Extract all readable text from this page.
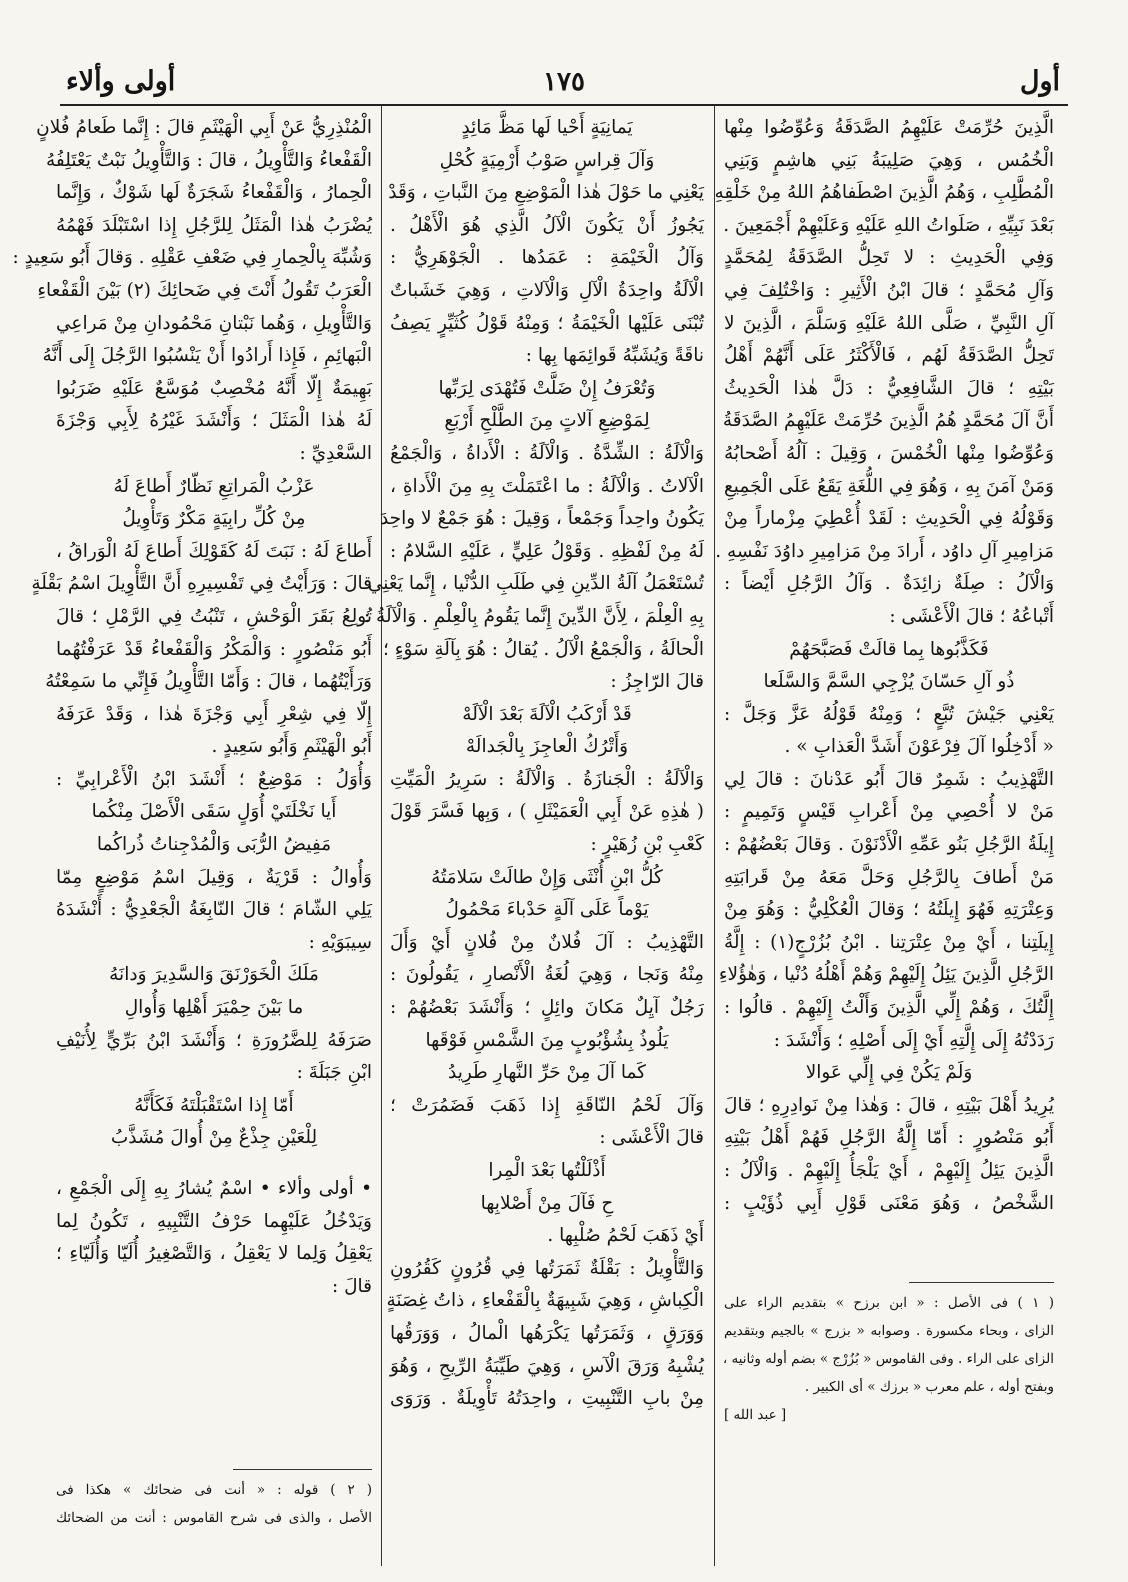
أول
١٧٥
أولى وألاء
الَّذِينَ حُرِّمَتْ عَلَيْهِمُ الصَّدَقَةُ وَعُوِّضُوا مِنْها
الْخُمُس ، وَهِيَ صَلِيبَةُ بَنِي هاشِمٍ وَبَنِي
الْمُطَّلِبِ ، وَهُمُ الَّذِينَ اصْطَفاهُمُ اللهُ مِنْ خَلْقِهِ
بَعْدَ نَبِيِّهِ ، صَلَواتُ اللهِ عَلَيْهِ وَعَلَيْهِمْ أَجْمَعِينَ .
وَفِي الْحَدِيثِ : لا تَحِلُّ الصَّدَقَةُ لِمُحَمَّدٍ
وَآلِ مُحَمَّدٍ ؛ قالَ ابْنُ الْأَثِيرِ : وَاخْتُلِفَ فِي
آلِ النَّبِيِّ ، صَلَّى اللهُ عَلَيْهِ وَسَلَّمَ ، الَّذِينَ لا
تَحِلُّ الصَّدَقَةُ لَهُم ، فَالْأَكْثَرُ عَلَى أَنَّهُمْ أَهْلُ
بَيْتِهِ ؛ قالَ الشَّافِعِيُّ : دَلَّ هٰذا الْحَدِيثُ
أَنَّ آلَ مُحَمَّدٍ هُمُ الَّذِينَ حُرِّمَتْ عَلَيْهِمُ الصَّدَقَةُ
وَعُوِّضُوا مِنْها الْخُمْسَ ، وَقِيلَ : آلُهُ أَصْحابُهُ
وَمَنْ آمَنَ بِهِ ، وَهُوَ فِي اللُّغَةِ يَقَعُ عَلَى الْجَمِيعِ
وَقَوْلُهُ فِي الْحَدِيثِ : لَقَدْ أُعْطِيَ مِزْماراً مِنْ
مَزامِيرِ آلِ داوُد ، أَرادَ مِنْ مَزامِيرِ داوُدَ نَفْسِهِ .
وَالْآلُ : صِلَةٌ زائِدَةٌ . وَآلُ الرَّجُلِ أَيْضاً :
أَتْباعُهُ ؛ قالَ الْأَعْشَى :
فَكَذَّبُوها بِما قالَتْ فَصَبَّحَهُمْ
ذُو آلِ حَسّانَ يُزْجِي السَّمَّ وَالسَّلَعا
يَعْنِي جَيْشَ تُبَّعٍ ؛ وَمِنْهُ قَوْلُهُ عَزَّ وَجَلَّ :
« أَدْخِلُوا آلَ فِرْعَوْنَ أَشَدَّ الْعَذابِ » .
التَّهْذِيبُ : شَمِرٌ قالَ أَبُو عَدْنانَ : قالَ لِي
مَنْ لا أُحْصِي مِنْ أَعْرابِ قَيْسٍ وَتَمِيمٍ :
إِيلَةُ الرَّجُلِ بَنُو عَمِّهِ الْأَدْنَوْنَ . وَقالَ بَعْضُهُمْ :
مَنْ أَطافَ بِالرَّجُلِ وَحَلَّ مَعَهُ مِنْ قَرابَتِهِ
وَعِتْرَتِهِ فَهُوَ إِيلَتُهُ ؛ وَقالَ الْعُكْلِيُّ : وَهُوَ مِنْ
إِيلَتِنا ، أَيْ مِنْ عِتْرَتِنا . ابْنُ بُزُرْجٍ(١) : إِلَّةُ
الرَّجُلِ الَّذِينَ يَئِلُ إِلَيْهِمْ وَهُمْ أَهْلُهُ دُنْيا ، وَهٰؤُلاءِ
إِلَّتُكَ ، وَهُمْ إِلِّي الَّذِينَ وَأَلْتُ إِلَيْهِمْ . قالُوا :
رَدَدْتُهُ إِلَى إِلَّتِهِ أَيْ إِلَى أَصْلِهِ ؛ وَأَنْشَدَ :
وَلَمْ يَكُنْ فِي إِلِّي عَوالا
يُرِيدُ أَهْلَ بَيْتِهِ ، قالَ : وَهٰذا مِنْ نَوادِرِهِ ؛ قالَ
أَبُو مَنْصُورٍ : أَمّا إِلَّةُ الرَّجُلِ فَهُمْ أَهْلُ بَيْتِهِ
الَّذِينَ يَئِلُ إِلَيْهِمْ ، أَيْ يَلْجَأُ إِلَيْهِمْ . وَالْآلُ :
الشَّخْصُ ، وَهُوَ مَعْنَى قَوْلِ أَبِي ذُؤَيْبٍ :
( ١ ) فى الأصل : « ابن برزح » بتقديم الراء على
الزاى ، وبحاء مكسورة . وصوابه « بزرج » بالجيم وبتقديم
الزاى على الراء . وفى القاموس « بُزُرْج » بضم أوله وثانيه ،
وبفتح أوله ، علم معرب « برزك » أى الكبير .
[ عبد الله ]
يَمانِيَةٍ أَحْيا لَها مَظَّ مَائِدٍ
وَآلَ قِراسٍ صَوْبُ أَرْمِيَةٍ كُحْلِ
يَعْنِي ما حَوْلَ هٰذا الْمَوْضِعِ مِنَ النَّباتِ ، وَقَدْ
يَجُوزُ أَنْ يَكُونَ الْآلُ الَّذِي هُوَ الْأَهْلُ .
وَآلُ الْخَيْمَةِ : عَمَدُها . الْجَوْهَرِيُّ :
الْآلَةُ واحِدَةُ الْآلِ وَالْآلاتِ ، وَهِيَ خَشَباتٌ
تُبْنَى عَلَيْها الْخَيْمَةُ ؛ وَمِنْهُ قَوْلُ كُثَيِّرٍ يَصِفُ
ناقَةً وَيُشَبِّهُ قَوائِمَها بِها :
وَتُعْرَفُ إِنْ ضَلَّتْ فَتُهْدَى لِرَبِّها
لِمَوْضِعِ آلاتٍ مِنَ الطَّلْحِ أَرْبَعِ
وَالْآلَةُ : الشِّدَّةُ . وَالْآلَةُ : الْأَداةُ ، وَالْجَمْعُ
الْآلاتُ . وَالْآلَةُ : ما اعْتَمَلْتَ بِهِ مِنَ الْأَداةِ ،
يَكُونُ واحِداً وَجَمْعاً ، وَقِيلَ : هُوَ جَمْعٌ لا واحِدَ
لَهُ مِنْ لَفْظِهِ . وَقَوْلُ عَلِيٍّ ، عَلَيْهِ السَّلامُ :
تُسْتَعْمَلُ آلَةُ الدِّينِ فِي طَلَبِ الدُّنْيا ، إِنَّما يَعْنِي
بِهِ الْعِلْمَ ، لِأَنَّ الدِّينَ إِنَّما يَقُومُ بِالْعِلْمِ . وَالْآلَةُ :
الْحالَةُ ، وَالْجَمْعُ الْآلُ . يُقالُ : هُوَ بِآلَةِ سَوْءٍ ؛
قالَ الرّاجِزُ :
قَدْ أَرْكَبُ الْآلَةَ بَعْدَ الْآلَهْ
وَأَتْرُكُ الْعاجِزَ بِالْجَدالَهْ
وَالْآلَةُ : الْجَنازَةُ . وَالْآلَةُ : سَرِيرُ الْمَيِّتِ
( هٰذِهِ عَنْ أَبِي الْعَمَيْثَلِ ) ، وَبِها فَسَّرَ قَوْلَ
كَعْبِ بْنِ زُهَيْرٍ :
كُلُّ ابْنِ أُنْثَى وَإِنْ طالَتْ سَلامَتُهُ
يَوْماً عَلَى آلَةٍ حَدْباءَ مَحْمُولُ
التَّهْذِيبُ : آلَ فُلانٌ مِنْ فُلانٍ أَيْ وَأَلَ
مِنْهُ وَنَجا ، وَهِيَ لُغَةُ الْأَنْصارِ ، يَقُولُونَ :
رَجُلٌ آيِلٌ مَكانَ وائِلٍ ؛ وَأَنْشَدَ بَعْضُهُمْ :
يَلُوذُ بِشُؤْبُوبٍ مِنَ الشَّمْسِ فَوْقَها
كَما آلَ مِنْ حَرِّ النَّهارِ طَرِيدُ
وَآلَ لَحْمُ النّاقَةِ إِذا ذَهَبَ فَضَمُرَتْ ؛
قالَ الْأَعْشَى :
أَذْلَلْتُها بَعْدَ الْمِرا
حِ فَآلَ مِنْ أَصْلابِها
أَيْ ذَهَبَ لَحْمُ صُلْبِها .
وَالتَّأْوِيلُ : بَقْلَةٌ ثَمَرَتُها فِي قُرُونٍ كَقُرُونِ
الْكِباشِ ، وَهِيَ شَبِيهَةٌ بِالْقَفْعاءِ ، ذاتُ غِصَنَةٍ
وَوَرَقٍ ، وَثَمَرَتُها يَكْرَهُها الْمالُ ، وَوَرَقُها
يُشْبِهُ وَرَقَ الْآسِ ، وَهِيَ طَيِّبَةُ الرِّيحِ ، وَهُوَ
مِنْ بابِ التَّنْبِيتِ ، واحِدَتُهُ تَأْوِيلَةٌ . وَرَوَى
الْمُنْذِرِيُّ عَنْ أَبِي الْهَيْثَمِ قالَ : إِنَّما طَعامُ فُلانٍ
الْقَفْعاءُ وَالتَّأْوِيلُ ، قالَ : وَالتَّأْوِيلُ نَبْتٌ يَعْتَلِفُهُ
الْحِمارُ ، وَالْقَفْعاءُ شَجَرَةٌ لَها شَوْكٌ ، وَإِنَّما
يُضْرَبُ هٰذا الْمَثَلُ لِلرَّجُلِ إِذا اسْتَبْلَدَ فَهْمُهُ
وَشُبِّهَ بِالْحِمارِ فِي ضَعْفِ عَقْلِهِ . وَقالَ أَبُو سَعِيدٍ :
الْعَرَبُ تَقُولُ أَنْتَ فِي ضَحائِكَ (٢) بَيْنَ الْقَفْعاءِ
وَالتَّأْوِيلِ ، وَهُما نَبْتانِ مَحْمُودانِ مِنْ مَراعِي
الْبَهائِمِ ، فَإِذا أَرادُوا أَنْ يَنْسُبُوا الرَّجُلَ إِلَى أَنَّهُ
بَهِيمَةٌ إِلّا أَنَّهُ مُخْصِبٌ مُوَسَّعٌ عَلَيْهِ ضَرَبُوا
لَهُ هٰذا الْمَثَلَ ؛ وَأَنْشَدَ غَيْرُهُ لِأَبِي وَجْزَةَ
السَّعْدِيِّ :
عَزْبُ الْمَراتِعِ نَظّارٌ أَطاعَ لَهُ
مِنْ كُلِّ رابِيَةٍ مَكْرٌ وَتَأْوِيلُ
أَطاعَ لَهُ : نَبَتَ لَهُ كَقَوْلِكَ أَطاعَ لَهُ الْوَراقُ ،
قالَ : وَرَأَيْتُ فِي تَفْسِيرِهِ أَنَّ التَّأْوِيلَ اسْمُ بَقْلَةٍ
تُولِعُ بَقَرَ الْوَحْشِ ، تَنْبُتُ فِي الرَّمْلِ ؛ قالَ
أَبُو مَنْصُورٍ : وَالْمَكْرُ وَالْقَفْعاءُ قَدْ عَرَفْتُهُما
وَرَأَيْتُهُما ، قالَ : وَأَمّا التَّأْوِيلُ فَإِنِّي ما سَمِعْتُهُ
إِلّا فِي شِعْرِ أَبِي وَجْزَةَ هٰذا ، وَقَدْ عَرَفَهُ
أَبُو الْهَيْثَمِ وَأَبُو سَعِيدٍ .
وَأُوَلُ : مَوْضِعٌ ؛ أَنْشَدَ ابْنُ الْأَعْرابِيِّ :
أَيا نَخْلَتَيْ أُوَلٍ سَقَى الْأَصْلَ مِنْكُما
مَفِيضُ الرُّبَى وَالْمُدْجِناتُ ذُراكُما
وَأُوالُ : قَرْيَةٌ ، وَقِيلَ اسْمُ مَوْضِعٍ مِمّا
يَلِي الشّامَ ؛ قالَ النّابِغَةُ الْجَعْدِيُّ : أَنْشَدَهُ
سِيبَوَيْهِ :
مَلَكَ الْخَوَرْنَقَ وَالسَّدِيرَ وَدانَهُ
ما بَيْنَ حِمْيَرَ أَهْلِها وَأُوالِ
صَرَفَهُ لِلضَّرُورَةِ ؛ وَأَنْشَدَ ابْنُ بَرِّيٍّ لِأُنَيْفِ
ابْنِ جَبَلَةَ :
أَمّا إِذا اسْتَقْبَلْتَهُ فَكَأَنَّهُ
لِلْعَيْنِ جِذْعٌ مِنْ أُوالَ مُشَذَّبُ
• أولى وألاء • اسْمٌ يُشارُ بِهِ إِلَى الْجَمْعِ ،
وَيَدْخُلُ عَلَيْهِما حَرْفُ التَّنْبِيهِ ، تَكُونُ لِما
يَعْقِلُ وَلِما لا يَعْقِلُ ، وَالتَّصْغِيرُ أُلَيّا وَأُلَيّاءِ ؛
قالَ :
( ٢ ) قوله : « أنت فى ضحائك » هكذا فى
الأصل ، والذى فى شرح القاموس : أنت من الضحائك
